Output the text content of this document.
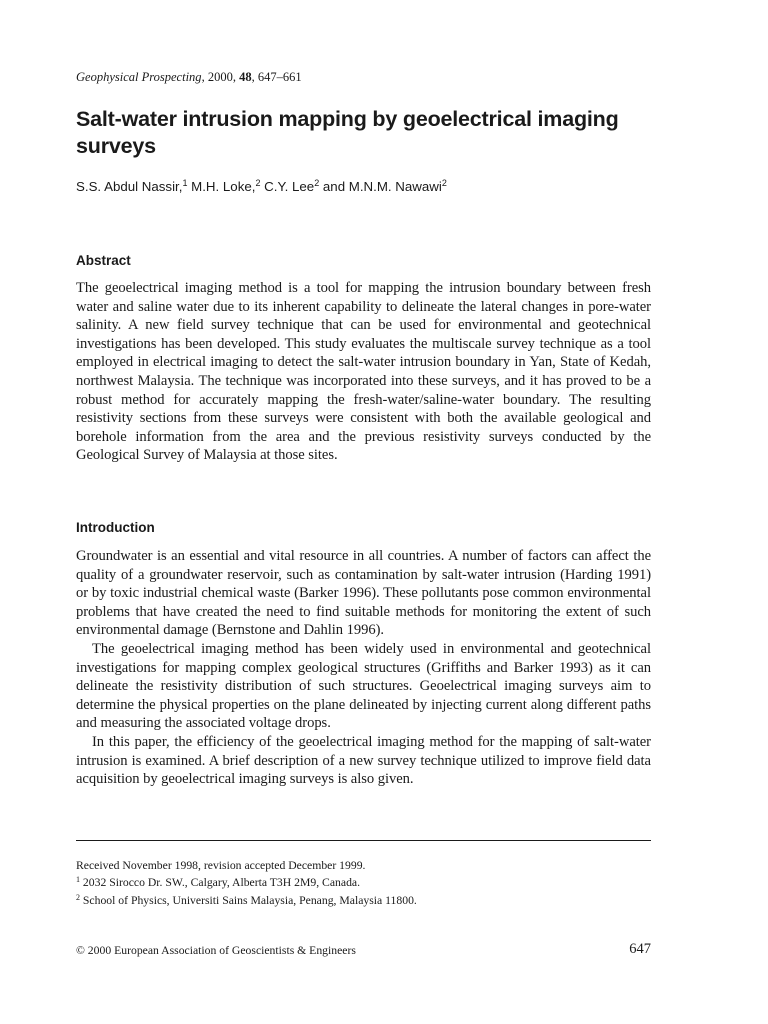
Geophysical Prospecting, 2000, 48, 647–661
Salt-water intrusion mapping by geoelectrical imaging surveys
S.S. Abdul Nassir,$^1$ M.H. Loke,$^2$ C.Y. Lee$^2$ and M.N.M. Nawawi$^2$
Abstract

The geoelectrical imaging method is a tool for mapping the intrusion boundary between fresh water and saline water due to its inherent capability to delineate the lateral changes in pore-water salinity. A new field survey technique that can be used for environmental and geotechnical investigations has been developed. This study evaluates the multiscale survey technique as a tool employed in electrical imaging to detect the salt-water intrusion boundary in Yan, State of Kedah, northwest Malaysia. The technique was incorporated into these surveys, and it has proved to be a robust method for accurately mapping the fresh-water/saline-water boundary. The resulting resistivity sections from these surveys were consistent with both the available geological and borehole information from the area and the previous resistivity surveys conducted by the Geological Survey of Malaysia at those sites.

Introduction

Groundwater is an essential and vital resource in all countries. A number of factors can affect the quality of a groundwater reservoir, such as contamination by salt-water intrusion (Harding 1991) or by toxic industrial chemical waste (Barker 1996). These pollutants pose common environmental problems that have created the need to find suitable methods for monitoring the extent of such environmental damage (Bernstone and Dahlin 1996).

The geoelectrical imaging method has been widely used in environmental and geotechnical investigations for mapping complex geological structures (Griffiths and Barker 1993) as it can delineate the resistivity distribution of such structures. Geoelectrical imaging surveys aim to determine the physical properties on the plane delineated by injecting current along different paths and measuring the associated voltage drops.

In this paper, the efficiency of the geoelectrical imaging method for the mapping of salt-water intrusion is examined. A brief description of a new survey technique utilized to improve field data acquisition by geoelectrical imaging surveys is also given.

Received November 1998, revision accepted December 1999.
$^1$ 2032 Sirocco Dr. SW., Calgary, Alberta T3H 2M9, Canada.
$^2$ School of Physics, Universiti Sains Malaysia, Penang, Malaysia 11800.
© 2000 European Association of Geoscientists & Engineers	647
